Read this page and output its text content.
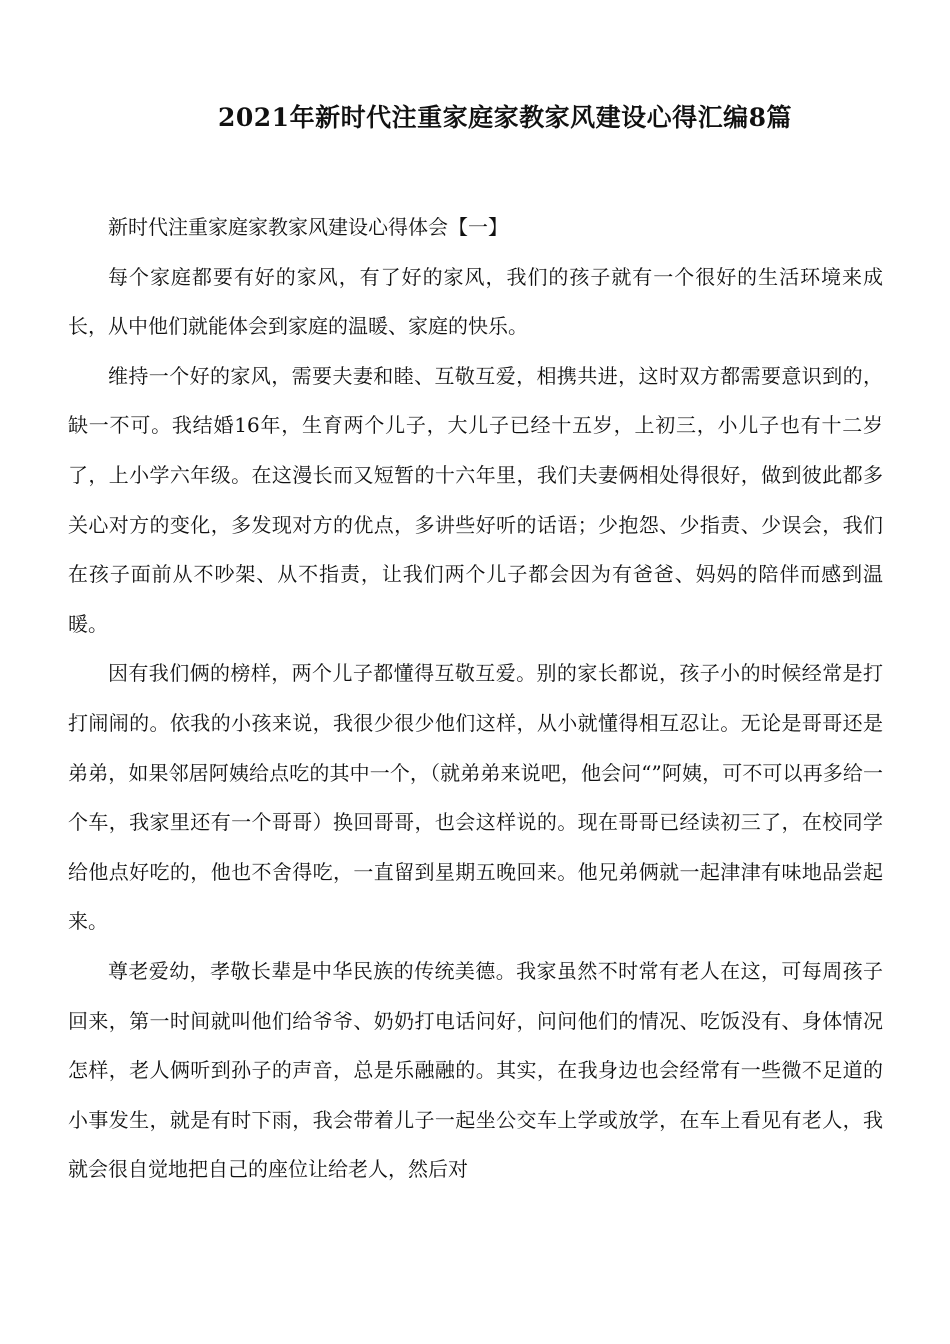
2021年新时代注重家庭家教家风建设心得汇编8篇

新时代注重家庭家教家风建设心得体会【一】

每个家庭都要有好的家风，有了好的家风，我们的孩子就有一个很好的生活环境来成长，从中他们就能体会到家庭的温暖、家庭的快乐。

维持一个好的家风，需要夫妻和睦、互敬互爱，相携共进，这时双方都需要意识到的，缺一不可。我结婚16年，生育两个儿子，大儿子已经十五岁，上初三，小儿子也有十二岁了，上小学六年级。在这漫长而又短暂的十六年里，我们夫妻俩相处得很好，做到彼此都多关心对方的变化，多发现对方的优点，多讲些好听的话语；少抱怨、少指责、少误会，我们在孩子面前从不吵架、从不指责，让我们两个儿子都会因为有爸爸、妈妈的陪伴而感到温暖。

因有我们俩的榜样，两个儿子都懂得互敬互爱。别的家长都说，孩子小的时候经常是打打闹闹的。依我的小孩来说，我很少很少他们这样，从小就懂得相互忍让。无论是哥哥还是弟弟，如果邻居阿姨给点吃的其中一个，（就弟弟来说吧，他会问“”阿姨，可不可以再多给一个车，我家里还有一个哥哥）换回哥哥，也会这样说的。现在哥哥已经读初三了，在校同学给他点好吃的，他也不舍得吃，一直留到星期五晚回来。他兄弟俩就一起津津有味地品尝起来。

尊老爱幼，孝敬长辈是中华民族的传统美德。我家虽然不时常有老人在这，可每周孩子回来，第一时间就叫他们给爷爷、奶奶打电话问好，问问他们的情况、吃饭没有、身体情况怎样，老人俩听到孙子的声音，总是乐融融的。其实，在我身边也会经常有一些微不足道的小事发生，就是有时下雨，我会带着儿子一起坐公交车上学或放学，在车上看见有老人，我就会很自觉地把自己的座位让给老人，然后对
